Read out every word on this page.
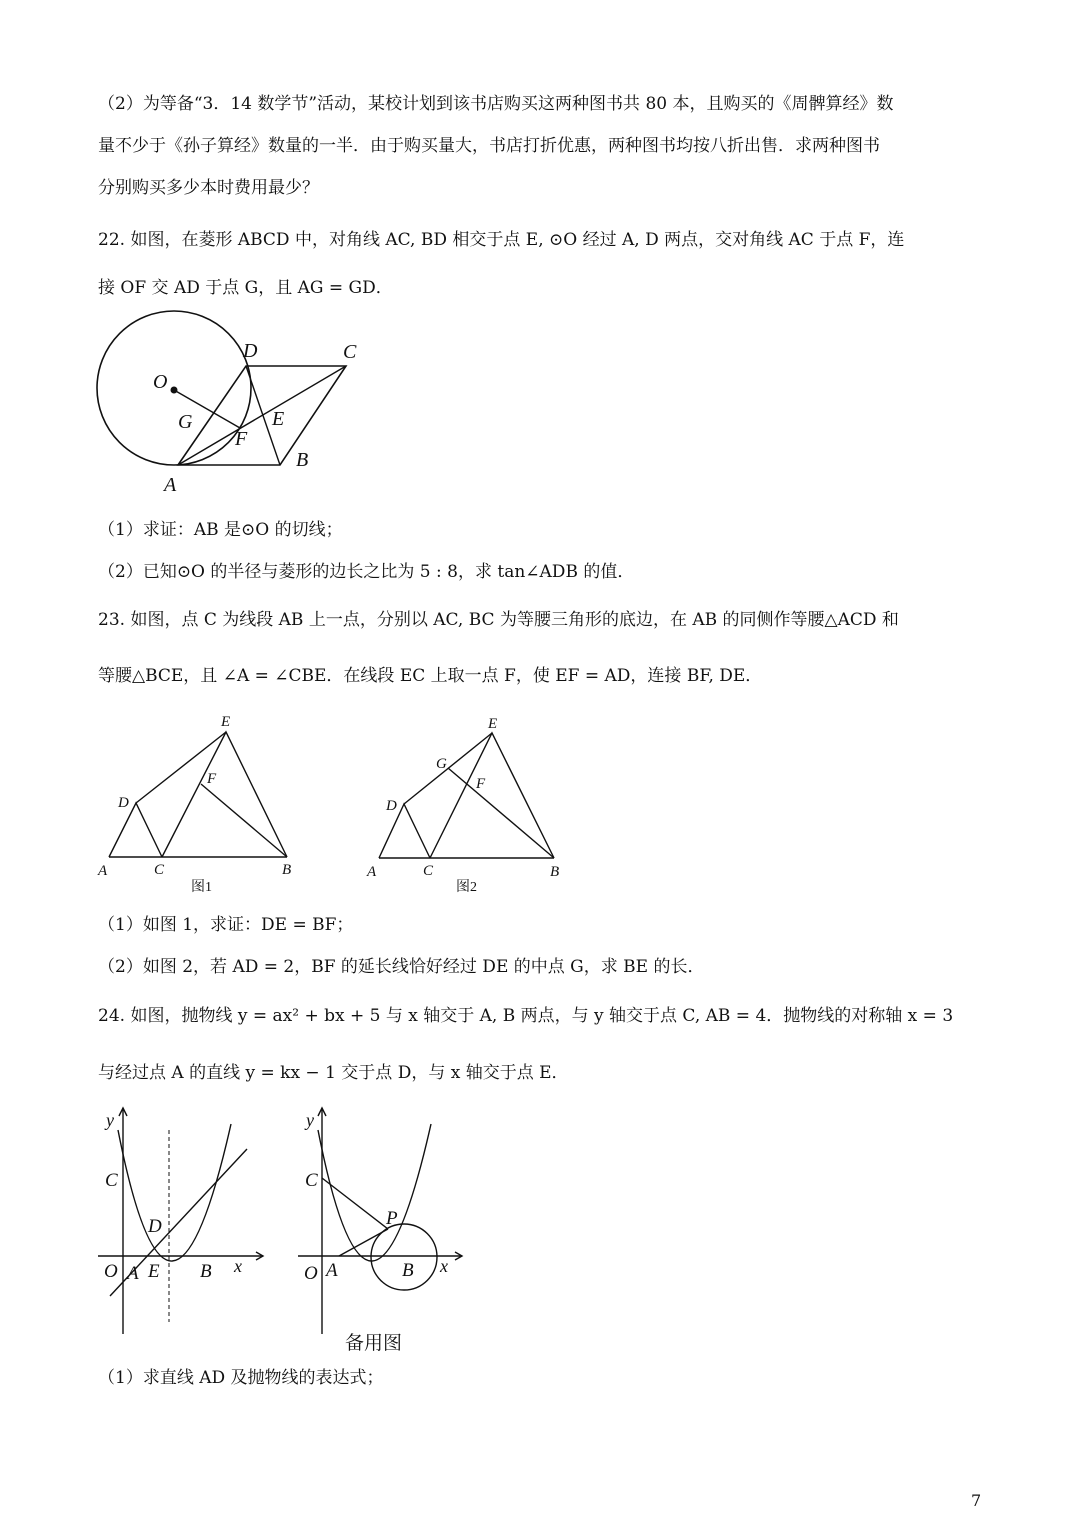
（2）为等备“3．14 数学节”活动，某校计划到该书店购买这两种图书共 80 本，且购买的《周髀算经》数
量不少于《孙子算经》数量的一半．由于购买量大，书店打折优惠，两种图书均按八折出售．求两种图书
分别购买多少本时费用最少？
22. 如图，在菱形 ABCD 中，对角线 AC, BD 相交于点 E, ⊙O 经过 A, D 两点，交对角线 AC 于点 F，连
接 OF 交 AD 于点 G，且 AG = GD．
D	C
O
G	E
F
B
A
（1）求证：AB 是⊙O 的切线；
（2）已知⊙O 的半径与菱形的边长之比为 5 : 8，求 tan∠ADB 的值．
23. 如图，点 C 为线段 AB 上一点，分别以 AC, BC 为等腰三角形的底边，在 AB 的同侧作等腰△ACD 和
等腰△BCE，且 ∠A = ∠CBE．在线段 EC 上取一点 F，使 EF = AD，连接 BF, DE．
E
F
D
A	C	B
图1
E
G
F
D
A	C	B
图2
（1）如图 1，求证：DE = BF；
（2）如图 2，若 AD = 2，BF 的延长线恰好经过 DE 的中点 G，求 BE 的长．
24. 如图，抛物线 y = ax² + bx + 5 与 x 轴交于 A, B 两点，与 y 轴交于点 C, AB = 4．抛物线的对称轴 x = 3
与经过点 A 的直线 y = kx − 1 交于点 D，与 x 轴交于点 E．
y
C
D
O A E B x
y
C
P
O A	B x
备用图
（1）求直线 AD 及抛物线的表达式；
7
